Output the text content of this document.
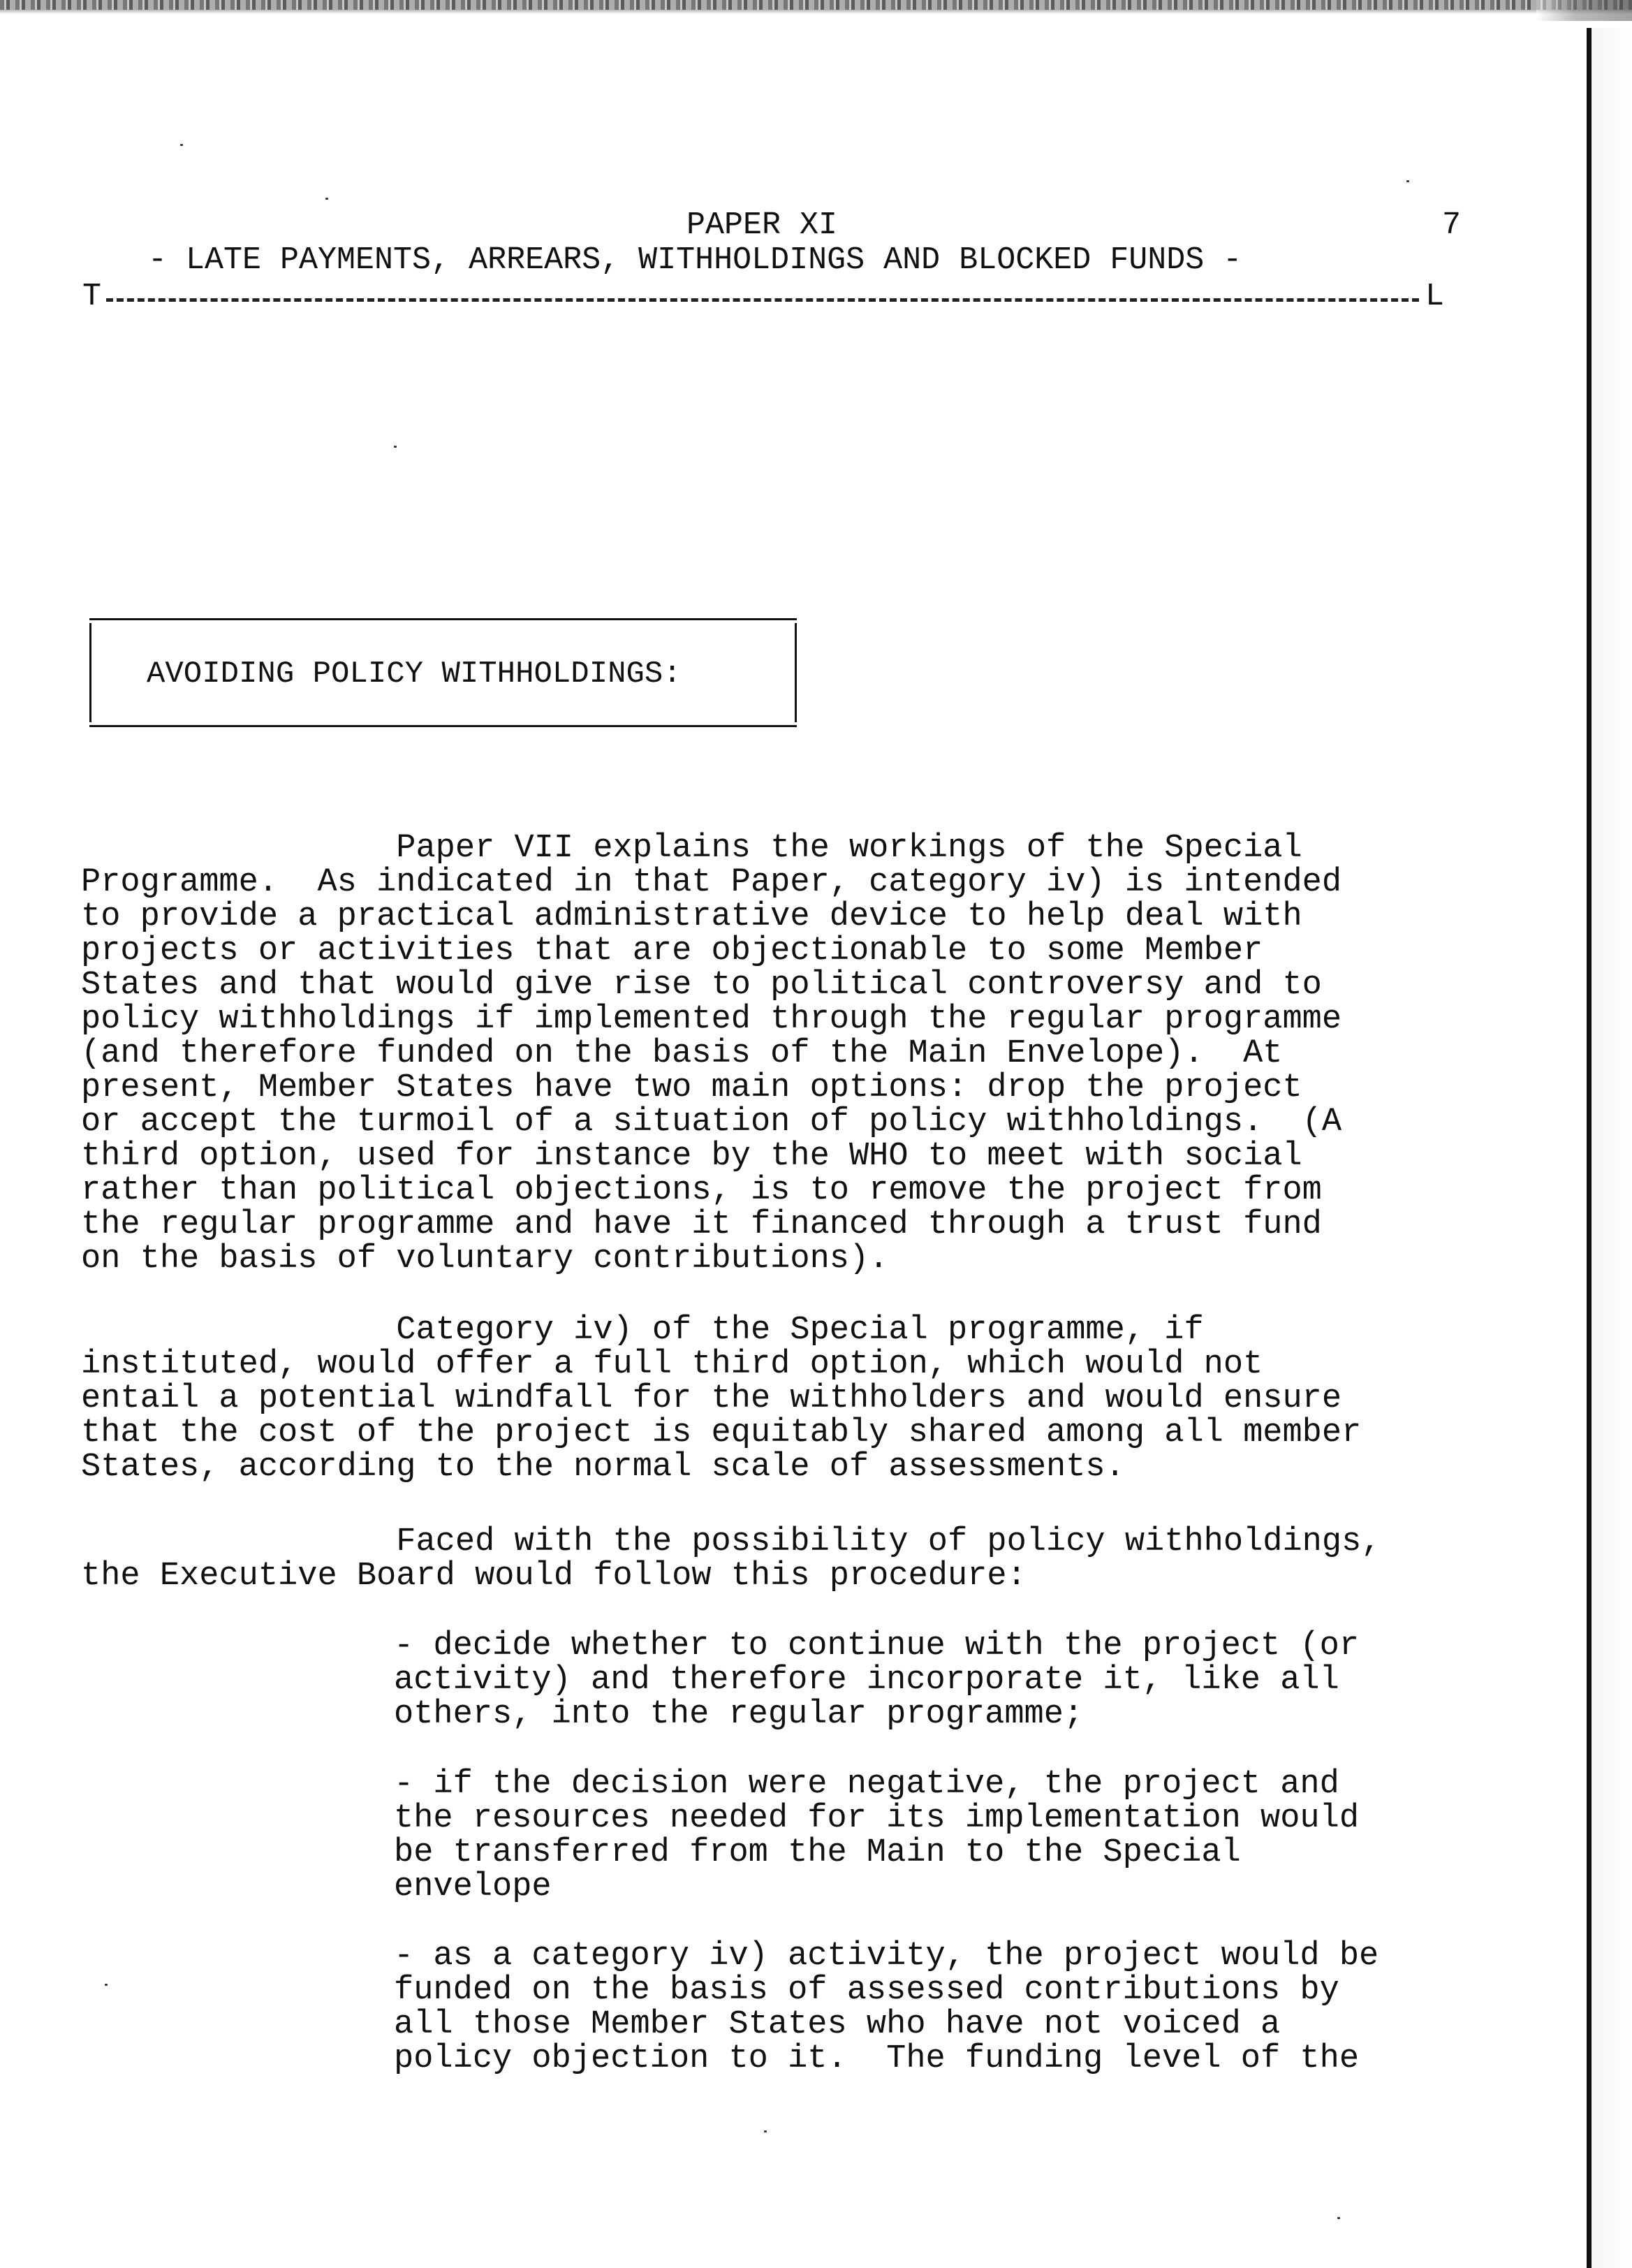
PAPER XI	7
- LATE PAYMENTS, ARREARS, WITHHOLDINGS AND BLOCKED FUNDS -

T

	L

AVOIDING POLICY WITHHOLDINGS:
Paper VII explains the workings of the Special
Programme.  As indicated in that Paper, category iv) is intended
to provide a practical administrative device to help deal with
projects or activities that are objectionable to some Member
States and that would give rise to political controversy and to
policy withholdings if implemented through the regular programme
(and therefore funded on the basis of the Main Envelope).  At
present, Member States have two main options: drop the project
or accept the turmoil of a situation of policy withholdings.  (A
third option, used for instance by the WHO to meet with social
rather than political objections, is to remove the project from
the regular programme and have it financed through a trust fund
on the basis of voluntary contributions).
Category iv) of the Special programme, if
instituted, would offer a full third option, which would not
entail a potential windfall for the withholders and would ensure
that the cost of the project is equitably shared among all member
States, according to the normal scale of assessments.
Faced with the possibility of policy withholdings,
the Executive Board would follow this procedure:
- decide whether to continue with the project (or
activity) and therefore incorporate it, like all
others, into the regular programme;
- if the decision were negative, the project and
the resources needed for its implementation would
be transferred from the Main to the Special
envelope
- as a category iv) activity, the project would be
funded on the basis of assessed contributions by
all those Member States who have not voiced a
policy objection to it.  The funding level of the
